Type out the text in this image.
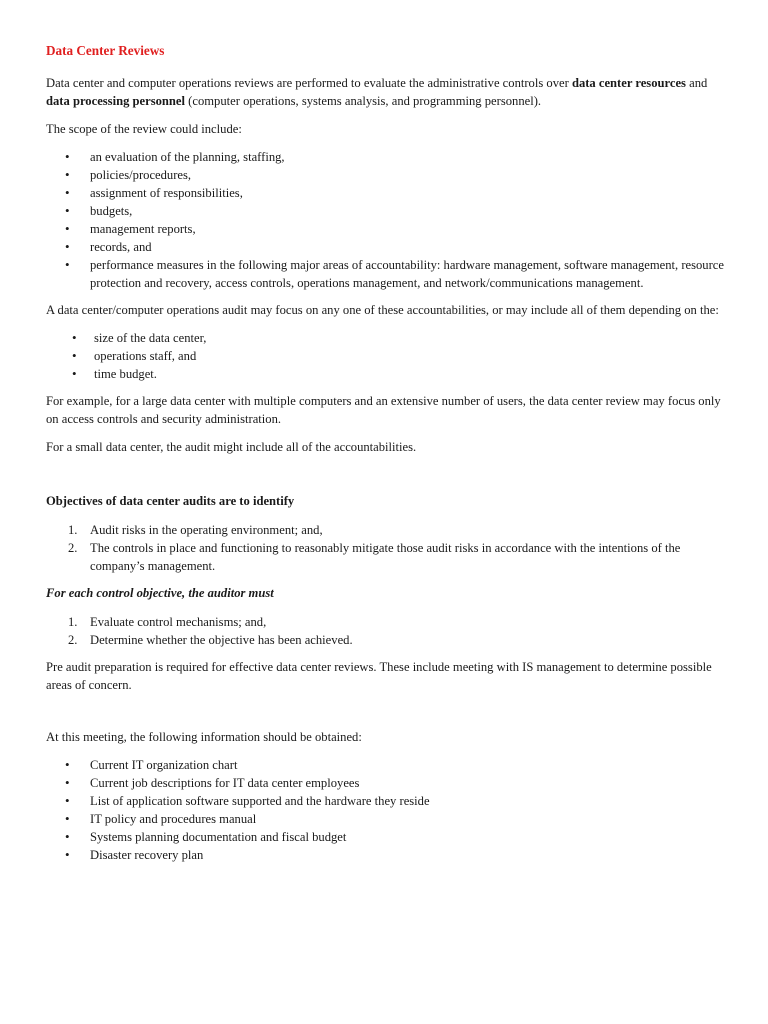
Data Center Reviews

Data center and computer operations reviews are performed to evaluate the administrative controls over data center resources and data processing personnel (computer operations, systems analysis, and programming personnel).

The scope of the review could include:

• an evaluation of the planning, staffing,
• policies/procedures,
• assignment of responsibilities,
• budgets,
• management reports,
• records, and
• performance measures in the following major areas of accountability: hardware management, software management, resource protection and recovery, access controls, operations management, and network/communications management.

A data center/computer operations audit may focus on any one of these accountabilities, or may include all of them depending on the:

• size of the data center,
• operations staff, and
• time budget.

For example, for a large data center with multiple computers and an extensive number of users, the data center review may focus only on access controls and security administration.

For a small data center, the audit might include all of the accountabilities.

Objectives of data center audits are to identify

1. Audit risks in the operating environment; and,
2. The controls in place and functioning to reasonably mitigate those audit risks in accordance with the intentions of the company’s management.

For each control objective, the auditor must

1. Evaluate control mechanisms; and,
2. Determine whether the objective has been achieved.

Pre audit preparation is required for effective data center reviews. These include meeting with IS management to determine possible areas of concern.

At this meeting, the following information should be obtained:

• Current IT organization chart
• Current job descriptions for IT data center employees
• List of application software supported and the hardware they reside
• IT policy and procedures manual
• Systems planning documentation and fiscal budget
• Disaster recovery plan
